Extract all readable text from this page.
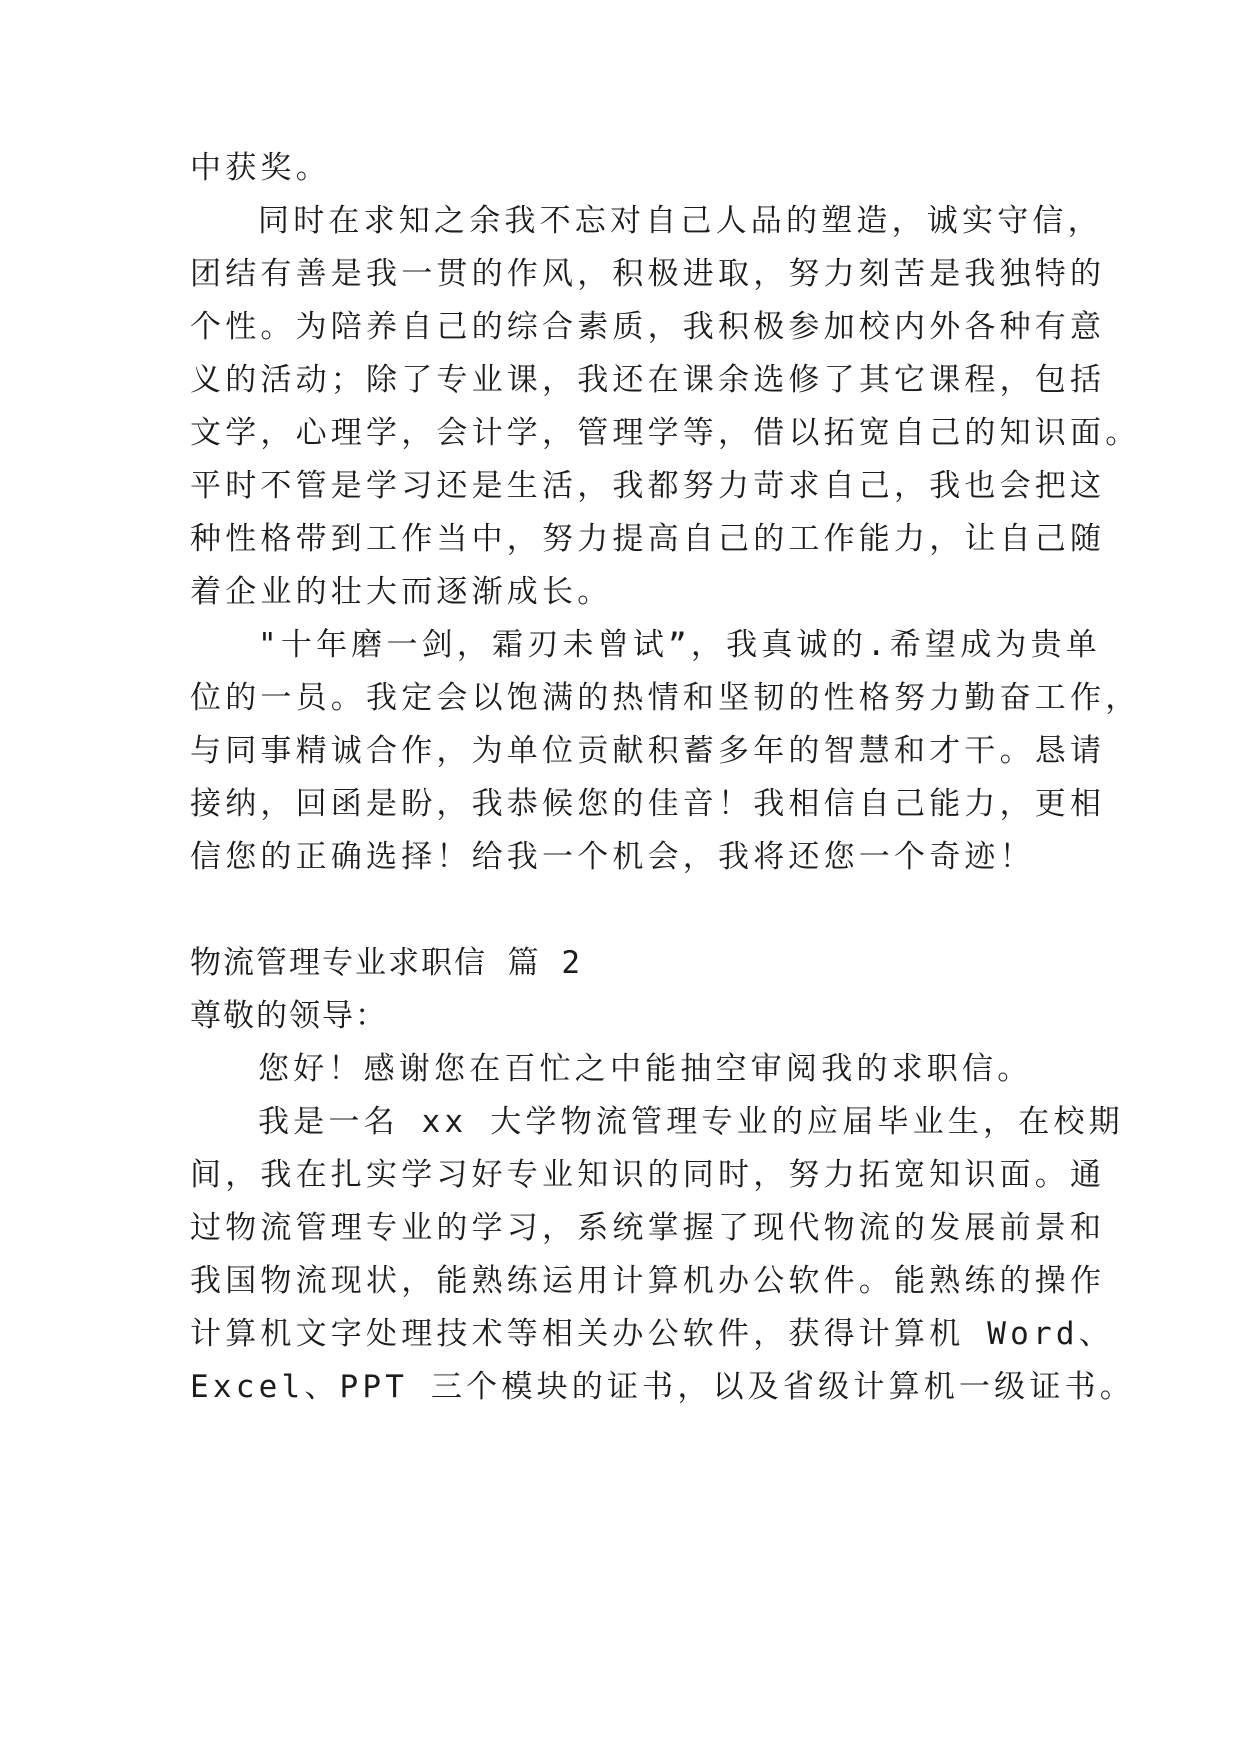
中获奖。
同时在求知之余我不忘对自己人品的塑造，诚实守信，
团结有善是我一贯的作风，积极进取，努力刻苦是我独特的
个性。为陪养自己的综合素质，我积极参加校内外各种有意
义的活动；除了专业课，我还在课余选修了其它课程，包括
文学，心理学，会计学，管理学等，借以拓宽自己的知识面。
平时不管是学习还是生活，我都努力苛求自己，我也会把这
种性格带到工作当中，努力提高自己的工作能力，让自己随
着企业的壮大而逐渐成长。
"十年磨一剑，霜刃未曾试”，我真诚的.希望成为贵单
位的一员。我定会以饱满的热情和坚韧的性格努力勤奋工作，
与同事精诚合作，为单位贡献积蓄多年的智慧和才干。恳请
接纳，回函是盼，我恭候您的佳音！我相信自己能力，更相
信您的正确选择！给我一个机会，我将还您一个奇迹！
物流管理专业求职信 篇 2
尊敬的领导：
您好！感谢您在百忙之中能抽空审阅我的求职信。
我是一名 xx 大学物流管理专业的应届毕业生，在校期
间，我在扎实学习好专业知识的同时，努力拓宽知识面。通
过物流管理专业的学习，系统掌握了现代物流的发展前景和
我国物流现状，能熟练运用计算机办公软件。能熟练的操作
计算机文字处理技术等相关办公软件，获得计算机 Word、
Excel、PPT 三个模块的证书，以及省级计算机一级证书。
